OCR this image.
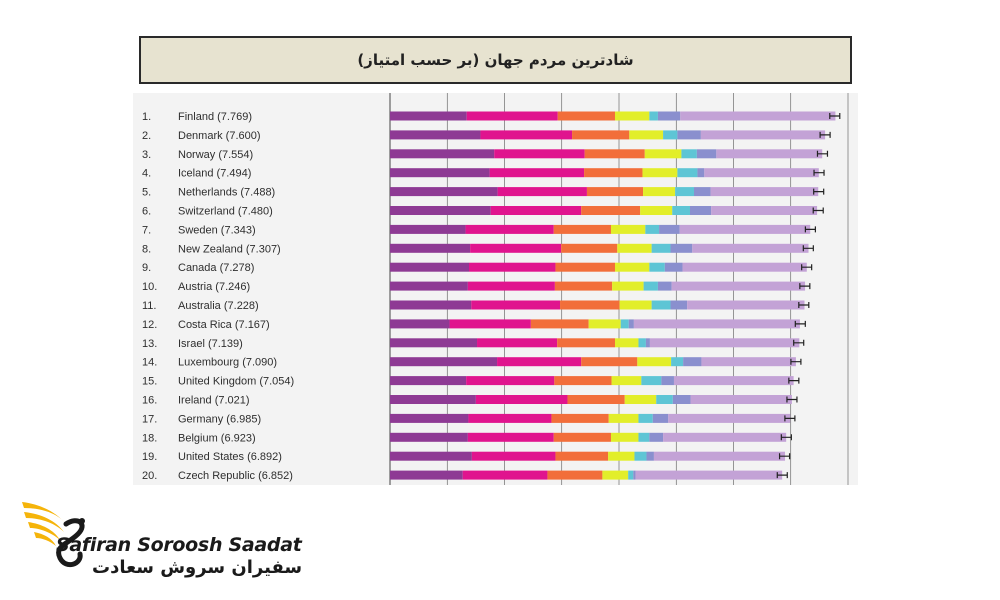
شادترین مردم جهان (بر حسب امتیاز)
1. Finland (7.769)
2. Denmark (7.600)
3. Norway (7.554)
4. Iceland (7.494)
5. Netherlands (7.488)
6. Switzerland (7.480)
7. Sweden (7.343)
8. New Zealand (7.307)
9. Canada (7.278)
10. Austria (7.246)
11. Australia (7.228)
12. Costa Rica (7.167)
13. Israel (7.139)
14. Luxembourg (7.090)
15. United Kingdom (7.054)
16. Ireland (7.021)
17. Germany (6.985)
18. Belgium (6.923)
19. United States (6.892)
20. Czech Republic (6.852)
Safiran Soroosh Saadat
سفیران سروش سعادت
